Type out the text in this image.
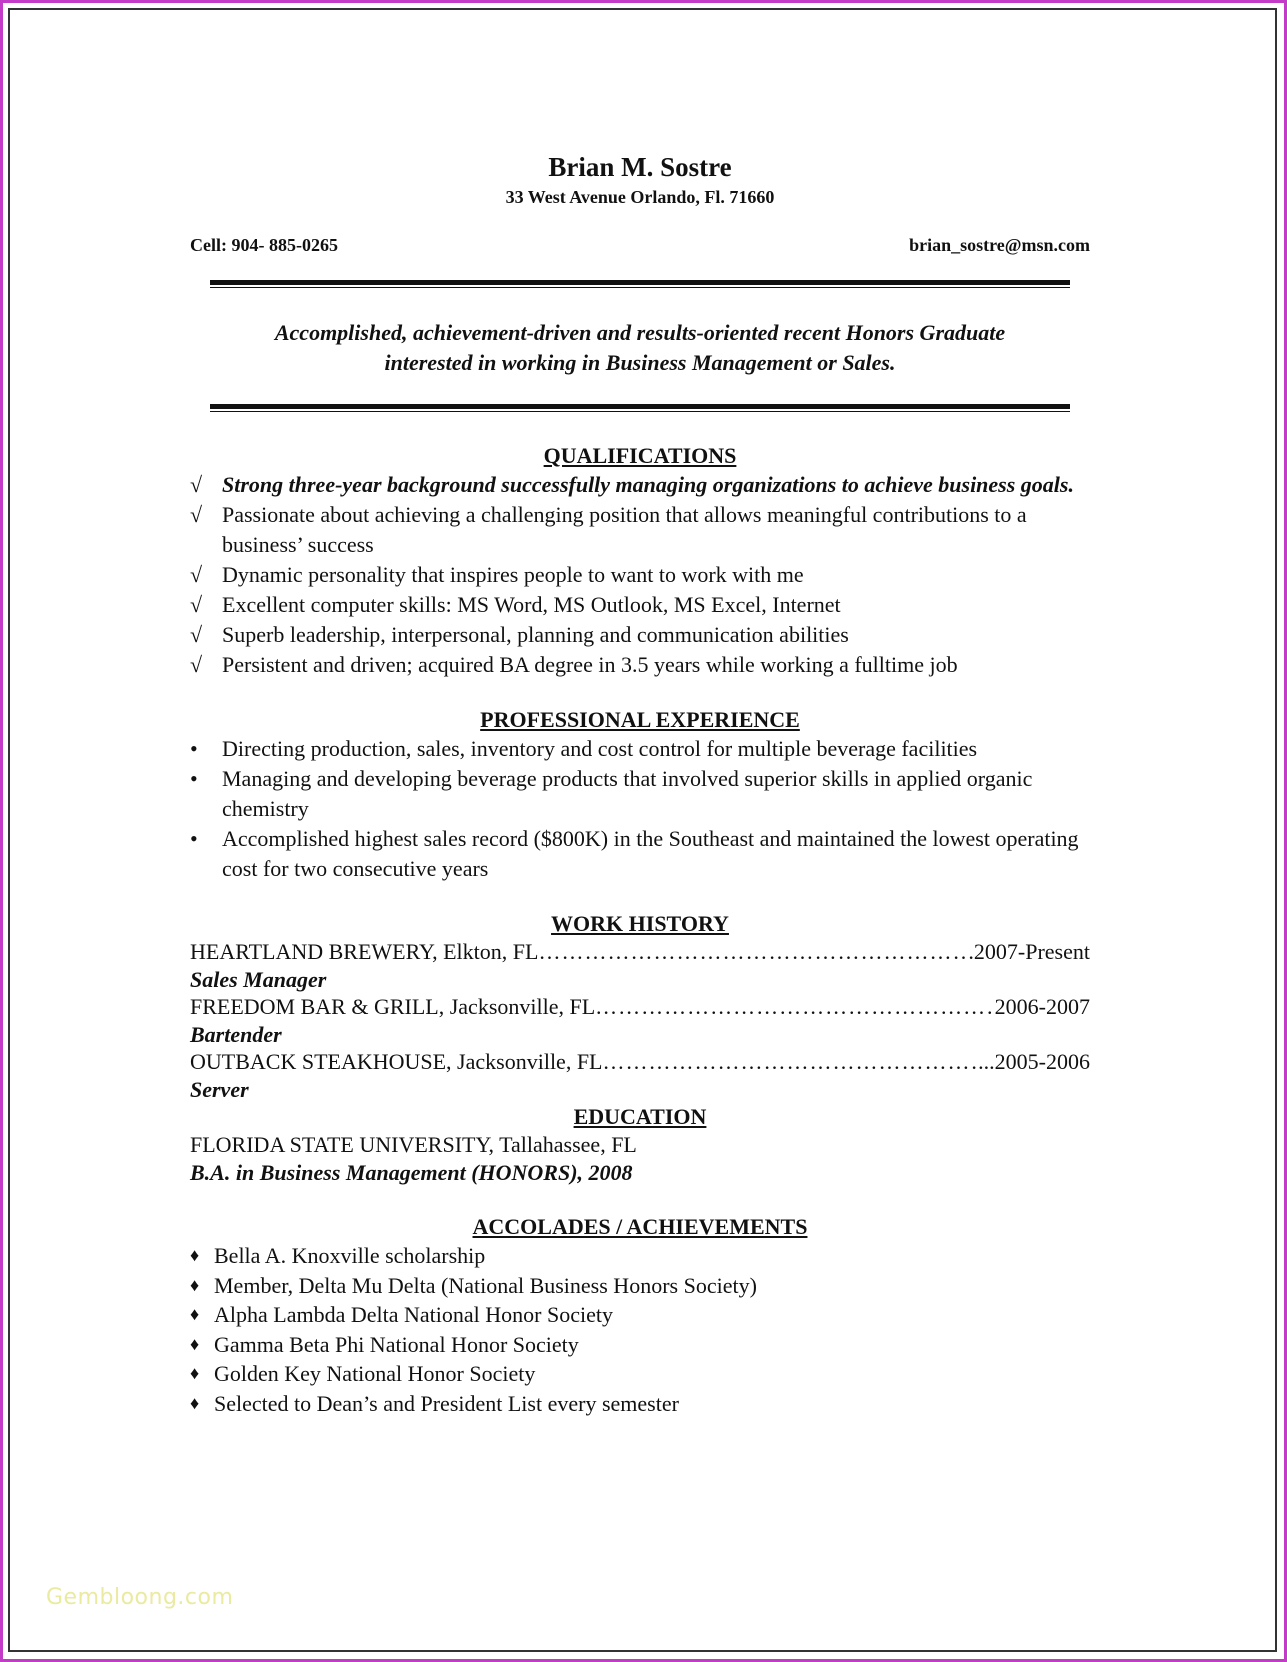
Brian M. Sostre

33 West Avenue Orlando, Fl. 71660

Cell: 904- 885-0265	brian_sostre@msn.com
Accomplished, achievement-driven and results-oriented recent Honors Graduate
interested in working in Business Management or Sales.

QUALIFICATIONS

√ Strong three-year background successfully managing organizations to achieve business goals.
√ Passionate about achieving a challenging position that allows meaningful contributions to a business’ success
√ Dynamic personality that inspires people to want to work with me
√ Excellent computer skills: MS Word, MS Outlook, MS Excel, Internet
√ Superb leadership, interpersonal, planning and communication abilities
√ Persistent and driven; acquired BA degree in 3.5 years while working a fulltime job

PROFESSIONAL EXPERIENCE

•	Directing production, sales, inventory and cost control for multiple beverage facilities
•	Managing and developing beverage products that involved superior skills in applied organic chemistry
•	Accomplished highest sales record ($800K) in the Southeast and maintained the lowest operating cost for two consecutive years

WORK HISTORY

HEARTLAND BREWERY, Elkton, FL ……………………………………………………………………………………………………………	.2007-Present
Sales Manager
FREEDOM BAR & GRILL, Jacksonville, FL ……………………………………………………………………………………………………………	2006-2007
Bartender
OUTBACK STEAKHOUSE, Jacksonville, FL ……………………………………………………………………………………………………………	...2005-2006
Server

EDUCATION

FLORIDA STATE UNIVERSITY, Tallahassee, FL
B.A. in Business Management (HONORS), 2008

ACCOLADES / ACHIEVEMENTS

♦ Bella A. Knoxville scholarship
♦ Member, Delta Mu Delta (National Business Honors Society)
♦ Alpha Lambda Delta National Honor Society
♦ Gamma Beta Phi National Honor Society
♦ Golden Key National Honor Society
♦ Selected to Dean’s and President List every semester
Gembloong.com
